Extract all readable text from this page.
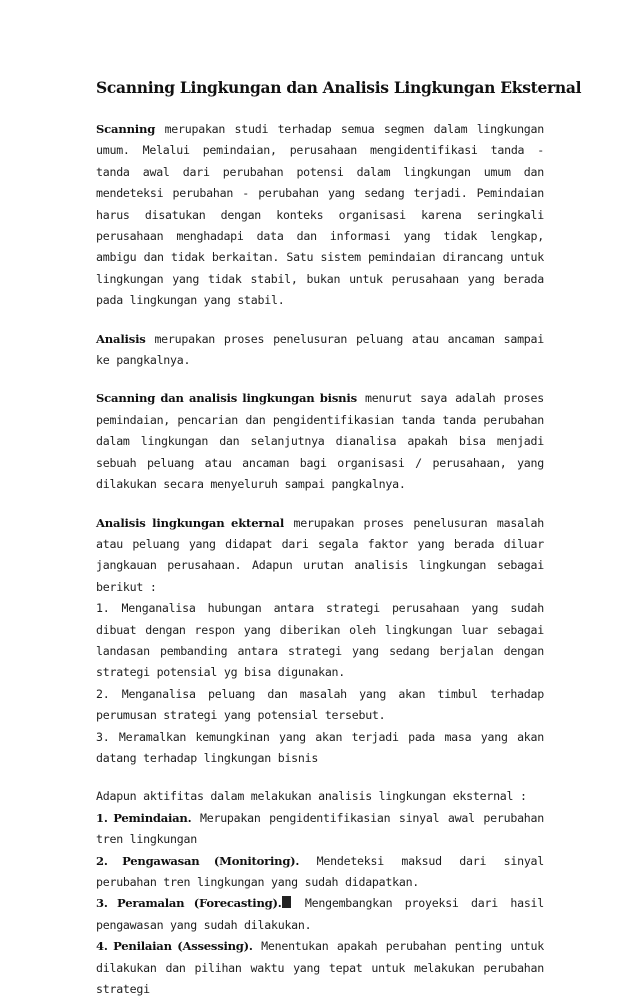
Scanning Lingkungan dan Analisis Lingkungan Eksternal

Scanning merupakan studi terhadap semua segmen dalam lingkungan umum. Melalui pemindaian, perusahaan mengidentifikasi tanda - tanda awal dari perubahan potensi dalam lingkungan umum dan mendeteksi perubahan - perubahan yang sedang terjadi. Pemindaian harus disatukan dengan konteks organisasi karena seringkali perusahaan menghadapi data dan informasi yang tidak lengkap, ambigu dan tidak berkaitan. Satu sistem pemindaian dirancang untuk lingkungan yang tidak stabil, bukan untuk perusahaan yang berada pada lingkungan yang stabil.

Analisis merupakan proses penelusuran peluang atau ancaman sampai ke pangkalnya.

Scanning dan analisis lingkungan bisnis menurut saya adalah proses pemindaian, pencarian dan pengidentifikasian tanda tanda perubahan dalam lingkungan dan selanjutnya dianalisa apakah bisa menjadi sebuah peluang atau ancaman bagi organisasi / perusahaan, yang dilakukan secara menyeluruh sampai pangkalnya.

Analisis lingkungan ekternal merupakan proses penelusuran masalah atau peluang yang didapat dari segala faktor yang berada diluar jangkauan perusahaan. Adapun urutan analisis lingkungan sebagai berikut :
1. Menganalisa hubungan antara strategi perusahaan yang sudah dibuat dengan respon yang diberikan oleh lingkungan luar sebagai landasan pembanding antara strategi yang sedang berjalan dengan strategi potensial yg bisa digunakan.
2. Menganalisa peluang dan masalah yang akan timbul terhadap perumusan strategi yang potensial tersebut.
3. Meramalkan kemungkinan yang akan terjadi pada masa yang akan datang terhadap lingkungan bisnis

Adapun aktifitas dalam melakukan analisis lingkungan eksternal :
1. Pemindaian. Merupakan pengidentifikasian sinyal awal perubahan tren lingkungan
2. Pengawasan (Monitoring). Mendeteksi maksud dari sinyal perubahan tren lingkungan yang sudah didapatkan.
3. Peramalan (Forecasting). Mengembangkan proyeksi dari hasil pengawasan yang sudah dilakukan.
4. Penilaian (Assessing). Menentukan apakah perubahan penting untuk dilakukan dan pilihan waktu yang tepat untuk melakukan perubahan strategi
